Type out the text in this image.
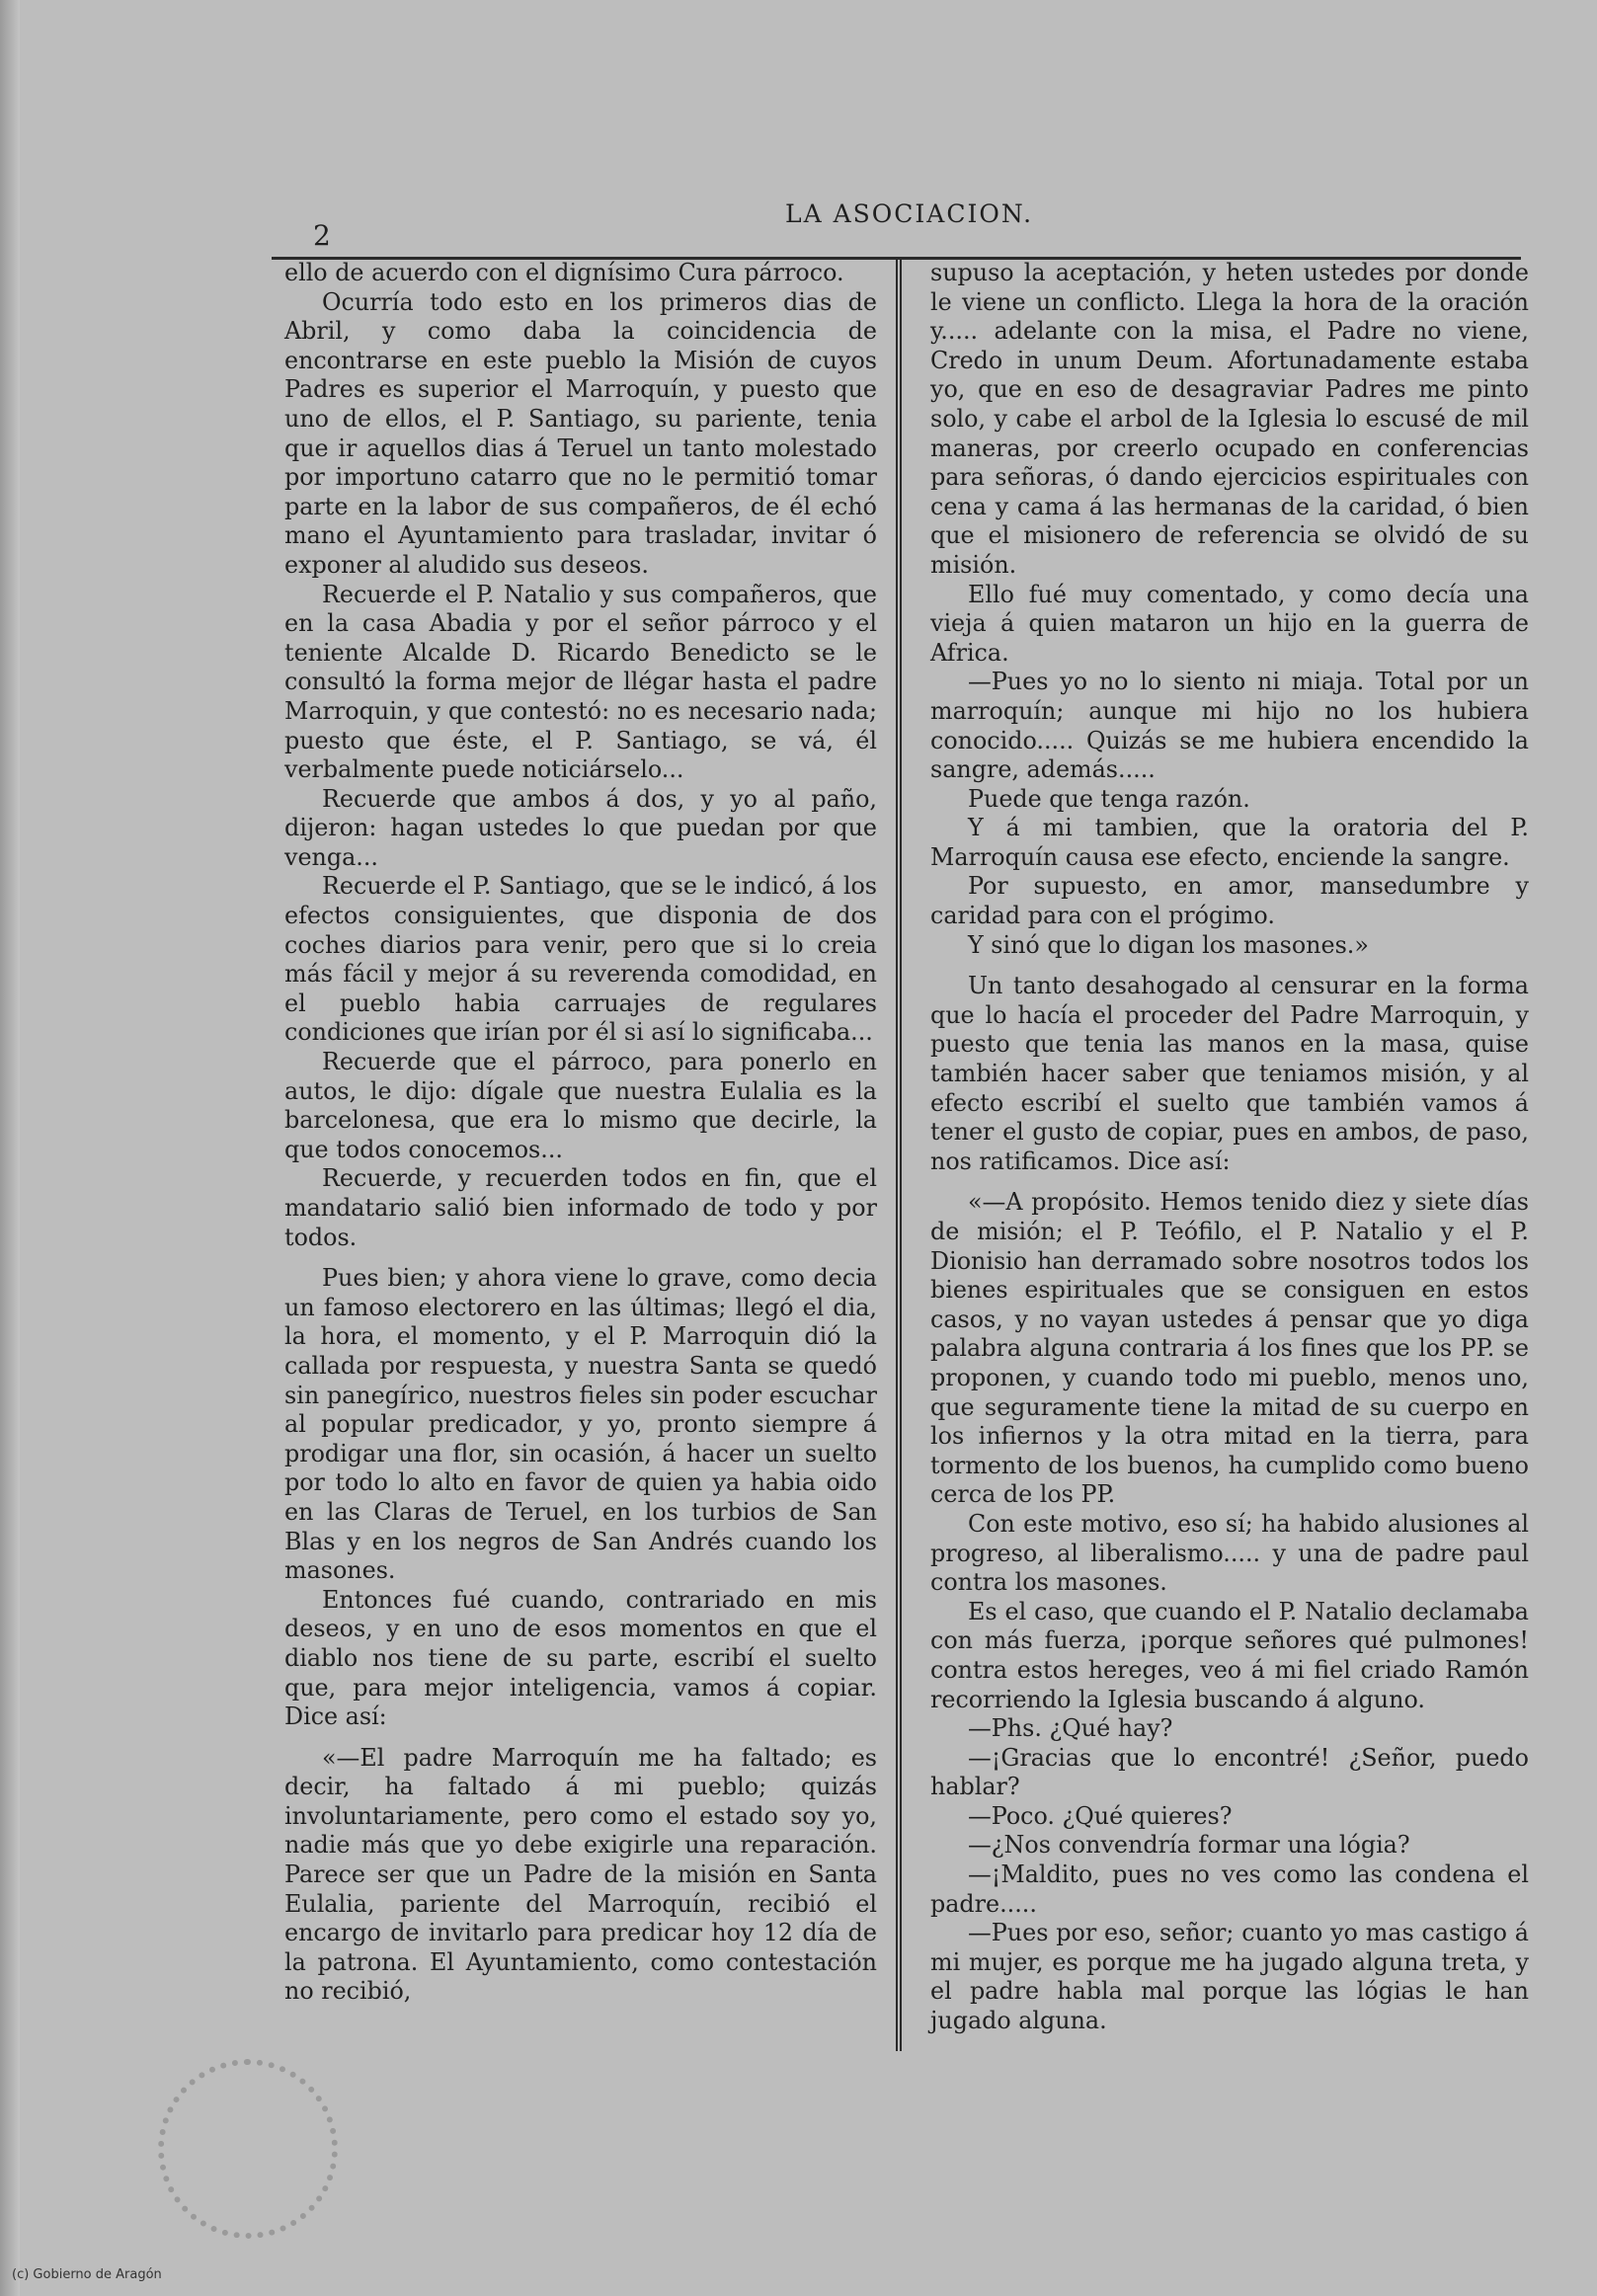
2
LA ASOCIACION.

ello de acuerdo con el dignísimo Cura párroco.

Ocurría todo esto en los primeros dias de Abril, y como daba la coincidencia de encontrarse en este pueblo la Misión de cuyos Padres es superior el Marroquín, y puesto que uno de ellos, el P. Santiago, su pariente, tenia que ir aquellos dias á Teruel un tanto molestado por importuno catarro que no le permitió tomar parte en la labor de sus compañeros, de él echó mano el Ayuntamiento para trasladar, invitar ó exponer al aludido sus deseos.

Recuerde el P. Natalio y sus compañeros, que en la casa Abadia y por el señor párroco y el teniente Alcalde D. Ricardo Benedicto se le consultó la forma mejor de llégar hasta el padre Marroquin, y que contestó: no es necesario nada; puesto que éste, el P. Santiago, se vá, él verbalmente puede noticiárselo...

Recuerde que ambos á dos, y yo al paño, dijeron: hagan ustedes lo que puedan por que venga...

Recuerde el P. Santiago, que se le indicó, á los efectos consiguientes, que disponia de dos coches diarios para venir, pero que si lo creia más fácil y mejor á su reverenda comodidad, en el pueblo habia carruajes de regulares condiciones que irían por él si así lo significaba...

Recuerde que el párroco, para ponerlo en autos, le dijo: dígale que nuestra Eulalia es la barcelonesa, que era lo mismo que decirle, la que todos conocemos...

Recuerde, y recuerden todos en fin, que el mandatario salió bien informado de todo y por todos.

Pues bien; y ahora viene lo grave, como decia un famoso electorero en las últimas; llegó el dia, la hora, el momento, y el P. Marroquin dió la callada por respuesta, y nuestra Santa se quedó sin panegírico, nuestros fieles sin poder escuchar al popular predicador, y yo, pronto siempre á prodigar una flor, sin ocasión, á hacer un suelto por todo lo alto en favor de quien ya habia oido en las Claras de Teruel, en los turbios de San Blas y en los negros de San Andrés cuando los masones.

Entonces fué cuando, contrariado en mis deseos, y en uno de esos momentos en que el diablo nos tiene de su parte, escribí el suelto que, para mejor inteligencia, vamos á copiar. Dice así:

«—El padre Marroquín me ha faltado; es decir, ha faltado á mi pueblo; quizás involuntariamente, pero como el estado soy yo, nadie más que yo debe exigirle una reparación. Parece ser que un Padre de la misión en Santa Eulalia, pariente del Marroquín, recibió el encargo de invitarlo para predicar hoy 12 día de la patrona. El Ayuntamiento, como contestación no recibió,

supuso la aceptación, y heten ustedes por donde le viene un conflicto. Llega la hora de la oración y..... adelante con la misa, el Padre no viene, Credo in unum Deum. Afortunadamente estaba yo, que en eso de desagraviar Padres me pinto solo, y cabe el arbol de la Iglesia lo escusé de mil maneras, por creerlo ocupado en conferencias para señoras, ó dando ejercicios espirituales con cena y cama á las hermanas de la caridad, ó bien que el misionero de referencia se olvidó de su misión.

Ello fué muy comentado, y como decía una vieja á quien mataron un hijo en la guerra de Africa.

—Pues yo no lo siento ni miaja. Total por un marroquín; aunque mi hijo no los hubiera conocido..... Quizás se me hubiera encendido la sangre, además.....

Puede que tenga razón.

Y á mi tambien, que la oratoria del P. Marroquín causa ese efecto, enciende la sangre.

Por supuesto, en amor, mansedumbre y caridad para con el prógimo.

Y sinó que lo digan los masones.»

Un tanto desahogado al censurar en la forma que lo hacía el proceder del Padre Marroquin, y puesto que tenia las manos en la masa, quise también hacer saber que teniamos misión, y al efecto escribí el suelto que también vamos á tener el gusto de copiar, pues en ambos, de paso, nos ratificamos. Dice así:

«—A propósito. Hemos tenido diez y siete días de misión; el P. Teófilo, el P. Natalio y el P. Dionisio han derramado sobre nosotros todos los bienes espirituales que se consiguen en estos casos, y no vayan ustedes á pensar que yo diga palabra alguna contraria á los fines que los PP. se proponen, y cuando todo mi pueblo, menos uno, que seguramente tiene la mitad de su cuerpo en los infiernos y la otra mitad en la tierra, para tormento de los buenos, ha cumplido como bueno cerca de los PP.

Con este motivo, eso sí; ha habido alusiones al progreso, al liberalismo..... y una de padre paul contra los masones.

Es el caso, que cuando el P. Natalio declamaba con más fuerza, ¡porque señores qué pulmones! contra estos hereges, veo á mi fiel criado Ramón recorriendo la Iglesia buscando á alguno.

—Phs. ¿Qué hay?

—¡Gracias que lo encontré! ¿Señor, puedo hablar?

—Poco. ¿Qué quieres?

—¿Nos convendría formar una lógia?

—¡Maldito, pues no ves como las condena el padre.....

—Pues por eso, señor; cuanto yo mas castigo á mi mujer, es porque me ha jugado alguna treta, y el padre habla mal porque las lógias le han jugado alguna.

(c) Gobierno de Aragón
